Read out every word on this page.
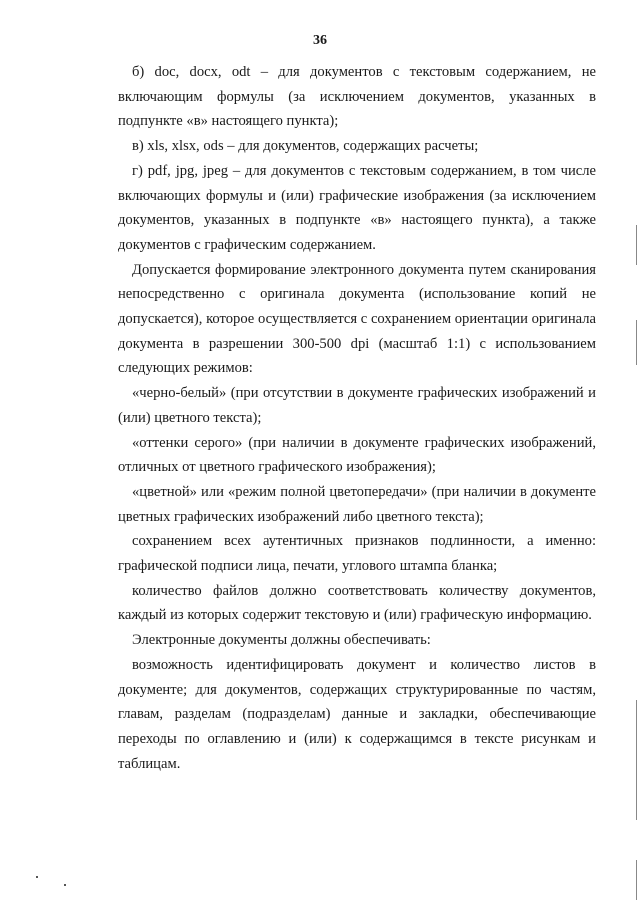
36

б) doc, docx, odt – для документов с текстовым содержанием, не включающим формулы (за исключением документов, указанных в подпункте «в» настоящего пункта);

в) xls, xlsx, ods – для документов, содержащих расчеты;

г) pdf, jpg, jpeg – для документов с текстовым содержанием, в том числе включающих формулы и (или) графические изображения (за исключением документов, указанных в подпункте «в» настоящего пункта), а также документов с графическим содержанием.

Допускается формирование электронного документа путем сканирования непосредственно с оригинала документа (использование копий не допускается), которое осуществляется с сохранением ориентации оригинала документа в разрешении 300-500 dpi (масштаб 1:1) с использованием следующих режимов:

«черно-белый» (при отсутствии в документе графических изображений и (или) цветного текста);

«оттенки серого» (при наличии в документе графических изображений, отличных от цветного графического изображения);

«цветной» или «режим полной цветопередачи» (при наличии в документе цветных графических изображений либо цветного текста);

сохранением всех аутентичных признаков подлинности, а именно: графической подписи лица, печати, углового штампа бланка;

количество файлов должно соответствовать количеству документов, каждый из которых содержит текстовую и (или) графическую информацию.

Электронные документы должны обеспечивать:

возможность идентифицировать документ и количество листов в документе; для документов, содержащих структурированные по частям, главам, разделам (подразделам) данные и закладки, обеспечивающие переходы по оглавлению и (или) к содержащимся в тексте рисункам и таблицам.
